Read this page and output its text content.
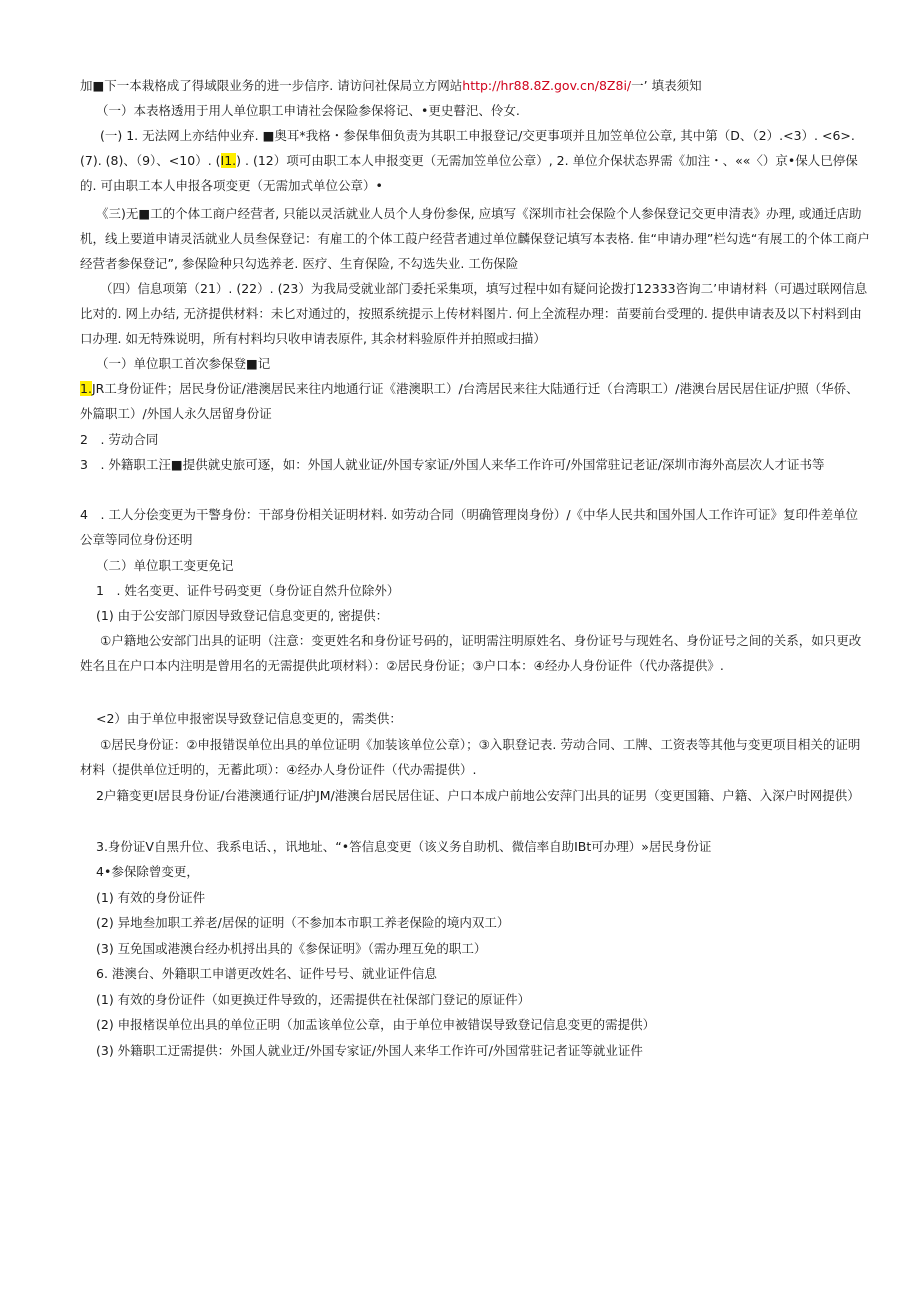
加■下一本栽格成了得域限业务的进一步信序. 请访问社保局立方网站http://hr88.8Z.gov.cn/8Z8i/一’ 填表须知

（一）本表格透用于用人单位职工申请社会保险参保将记、•更史瞽汜、伶女.

(一) 1. 无法网上亦结仲业弃. ■奥耳*我格・参保隼佃负责为其职工申报登记/交更事项并且加笠单位公章, 其中第（D、（2）.<3）. <6>. (7). (8)、（9）、<10）. (I1.) . (12）项可由职工本人申报变更（无需加笠单位公章）, 2. 单位介保状态界需《加注・、««〈）京•保人巳停保的. 可由职工本人申报各项变更（无需加式单位公章）•

《三)无■工的个体工商户经营者, 只能以灵活就业人员个人身份参保, 应填写《深圳市社会保险个人参保登记交更申清表》办理, 或通迁店助机，线上要道申请灵活就业人员叁保登记：有雇工的个体工葭户经营者逋过单位麟保登记填写本表格. 隹“申请办理”栏勾选“有展工的个体工商户经营者参保登记”, 参保险种只勾选养老. 医疗、生育保险, 不勾选失业. 工伤保险

（四）信息项第（21）. (22）. (23）为我局受就业部门委托采集项，填写过程中如有疑问论拨打12333咨询二’申请材料（可遇过联网信息比对的. 网上办结, 无济提供材料：未匕对通过的，按照系统提示上传材料图片. 何上全流程办理：苗要前台受理的. 提供申请表及以下村料到由口办理. 如无特殊说明，所有村料均只收申请表原件, 其余材料验原件并拍照或扫描）

（一）单位职工首次参保登■记

1.JR工身份证件；居民身份证/港澳居民来往内地通行证《港澳职工）/台湾居民来往大陆通行迁（台湾职工）/港澳台居民居住证/护照（华侨、外篇职工）/外国人永久居留身份证

2　. 劳动合同

3　. 外籍职工汪■提供就史旅可逐，如：外国人就业证/外国专家证/外国人来华工作许可/外国常驻记老证/深圳市海外高层次人才证书等

4　. 工人分侩变更为干警身份：干部身份相关证明材料. 如劳动合同（明确管理岗身份）/《中华人民共和国外国人工作许可证》复印件差单位公章等同位身份还明

（二）单位职工变更免记

1　. 姓名变更、证件号码变更（身份证自然升位除外）

(1) 由于公安部门原因导致登记信息变更的, 密提供：

①户籍地公安部门出具的证明（注意：变更姓名和身份证号码的，证明需注明原姓名、身份证号与现姓名、身份证号之间的关系，如只更改姓名且在户口本内注明是曾用名的无需提供此项材料）：②居民身份证；③户口本：④经办人身份证件（代办落提供》.

<2）由于单位申报密误导致登记信息变更的，需类供：

①居民身份证：②申报错误单位出具的单位证明《加装该单位公章）；③入职登记表. 劳动合同、工牌、工资表等其他与变更项目相关的证明材料（提供单位迁明的，无蓄此项）：④经办人身份证件（代办需提供）.

2户籍变更I居艮身份证/台港澳通行证/护JM/港澳台居民居住证、户口本成户前地公安萍门出具的证男（变更国籍、户籍、入深户时网提供）

3.身份证V自黑升位、我系电话、，讯地址、“•答信息变更（该义务自助机、微信率自助IBt可办理）»居民身份证

4•参保除曾变更，

(1) 有效的身份证件

(2) 异地叁加职工养老/居保的证明（不参加本市职工养老保险的境内双工）

(3) 互免国或港澳台经办机捋出具的《参保证明》（需办理互免的职工）

6. 港澳台、外籍职工申谱更改姓名、证件号号、就业证件信息

(1) 有效的身份证件（如更换迂件导致的，还需提供在社保部门登记的原证件）

(2) 申报楮误单位出具的单位正明（加盂该单位公章，由于单位申被错误导致登记信息变更的需提供）

(3) 外籍职工迂需提供：外国人就业迂/外国专家证/外国人来华工作许可/外国常驻记者证等就业证件
